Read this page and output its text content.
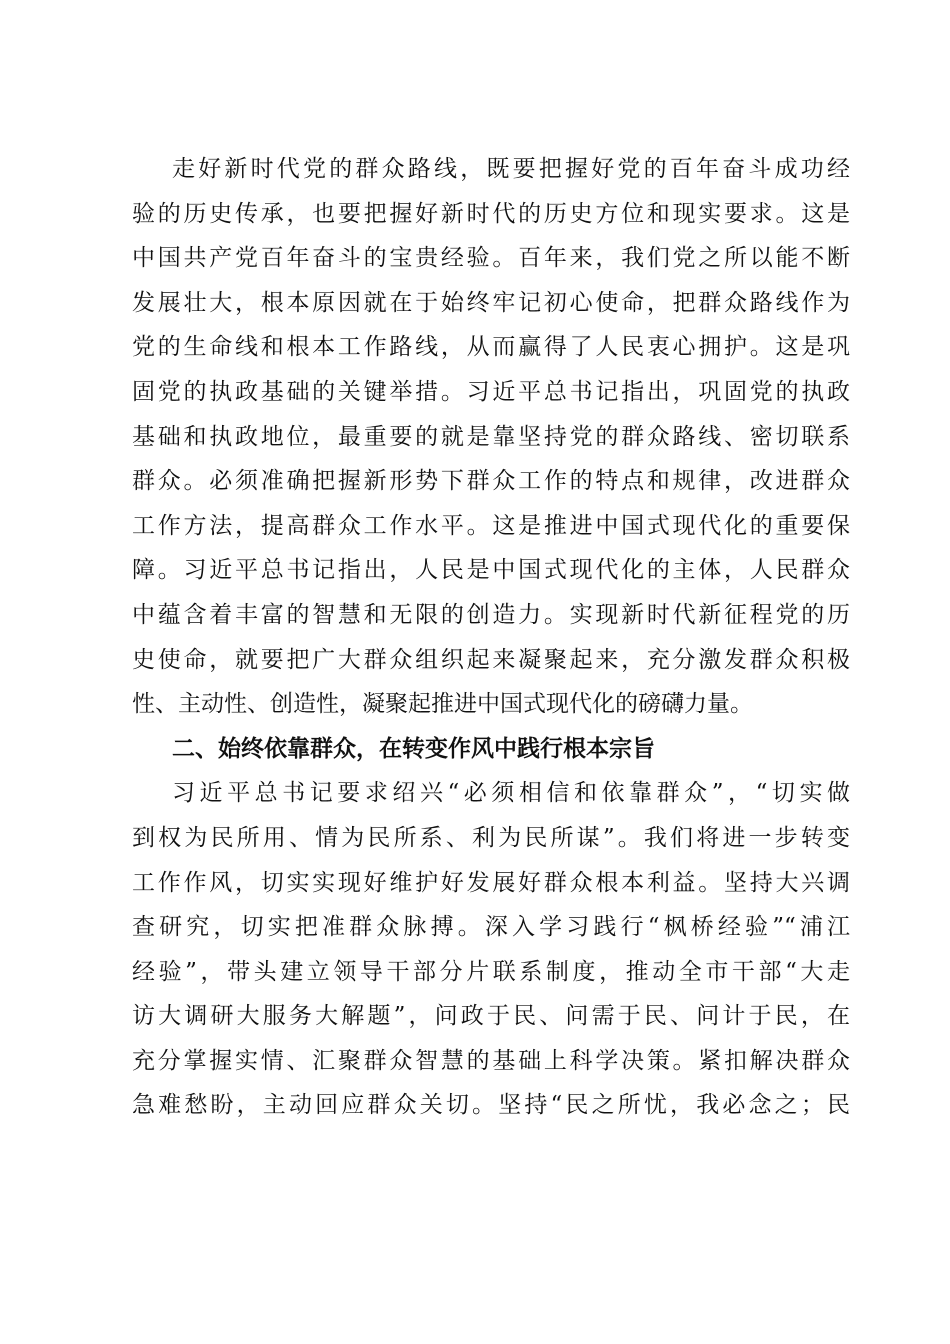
走好新时代党的群众路线，既要把握好党的百年奋斗成功经
验的历史传承，也要把握好新时代的历史方位和现实要求。这是
中国共产党百年奋斗的宝贵经验。百年来，我们党之所以能不断
发展壮大，根本原因就在于始终牢记初心使命，把群众路线作为
党的生命线和根本工作路线，从而赢得了人民衷心拥护。这是巩
固党的执政基础的关键举措。习近平总书记指出，巩固党的执政
基础和执政地位，最重要的就是靠坚持党的群众路线、密切联系
群众。必须准确把握新形势下群众工作的特点和规律，改进群众
工作方法，提高群众工作水平。这是推进中国式现代化的重要保
障。习近平总书记指出，人民是中国式现代化的主体，人民群众
中蕴含着丰富的智慧和无限的创造力。实现新时代新征程党的历
史使命，就要把广大群众组织起来凝聚起来，充分激发群众积极
性、主动性、创造性，凝聚起推进中国式现代化的磅礴力量。
二、始终依靠群众，在转变作风中践行根本宗旨
习近平总书记要求绍兴“必须相信和依靠群众”，“切实做
到权为民所用、情为民所系、利为民所谋”。我们将进一步转变
工作作风，切实实现好维护好发展好群众根本利益。坚持大兴调
查研究，切实把准群众脉搏。深入学习践行“枫桥经验”“浦江
经验”，带头建立领导干部分片联系制度，推动全市干部“大走
访大调研大服务大解题”，问政于民、问需于民、问计于民，在
充分掌握实情、汇聚群众智慧的基础上科学决策。紧扣解决群众
急难愁盼，主动回应群众关切。坚持“民之所忧，我必念之；民
